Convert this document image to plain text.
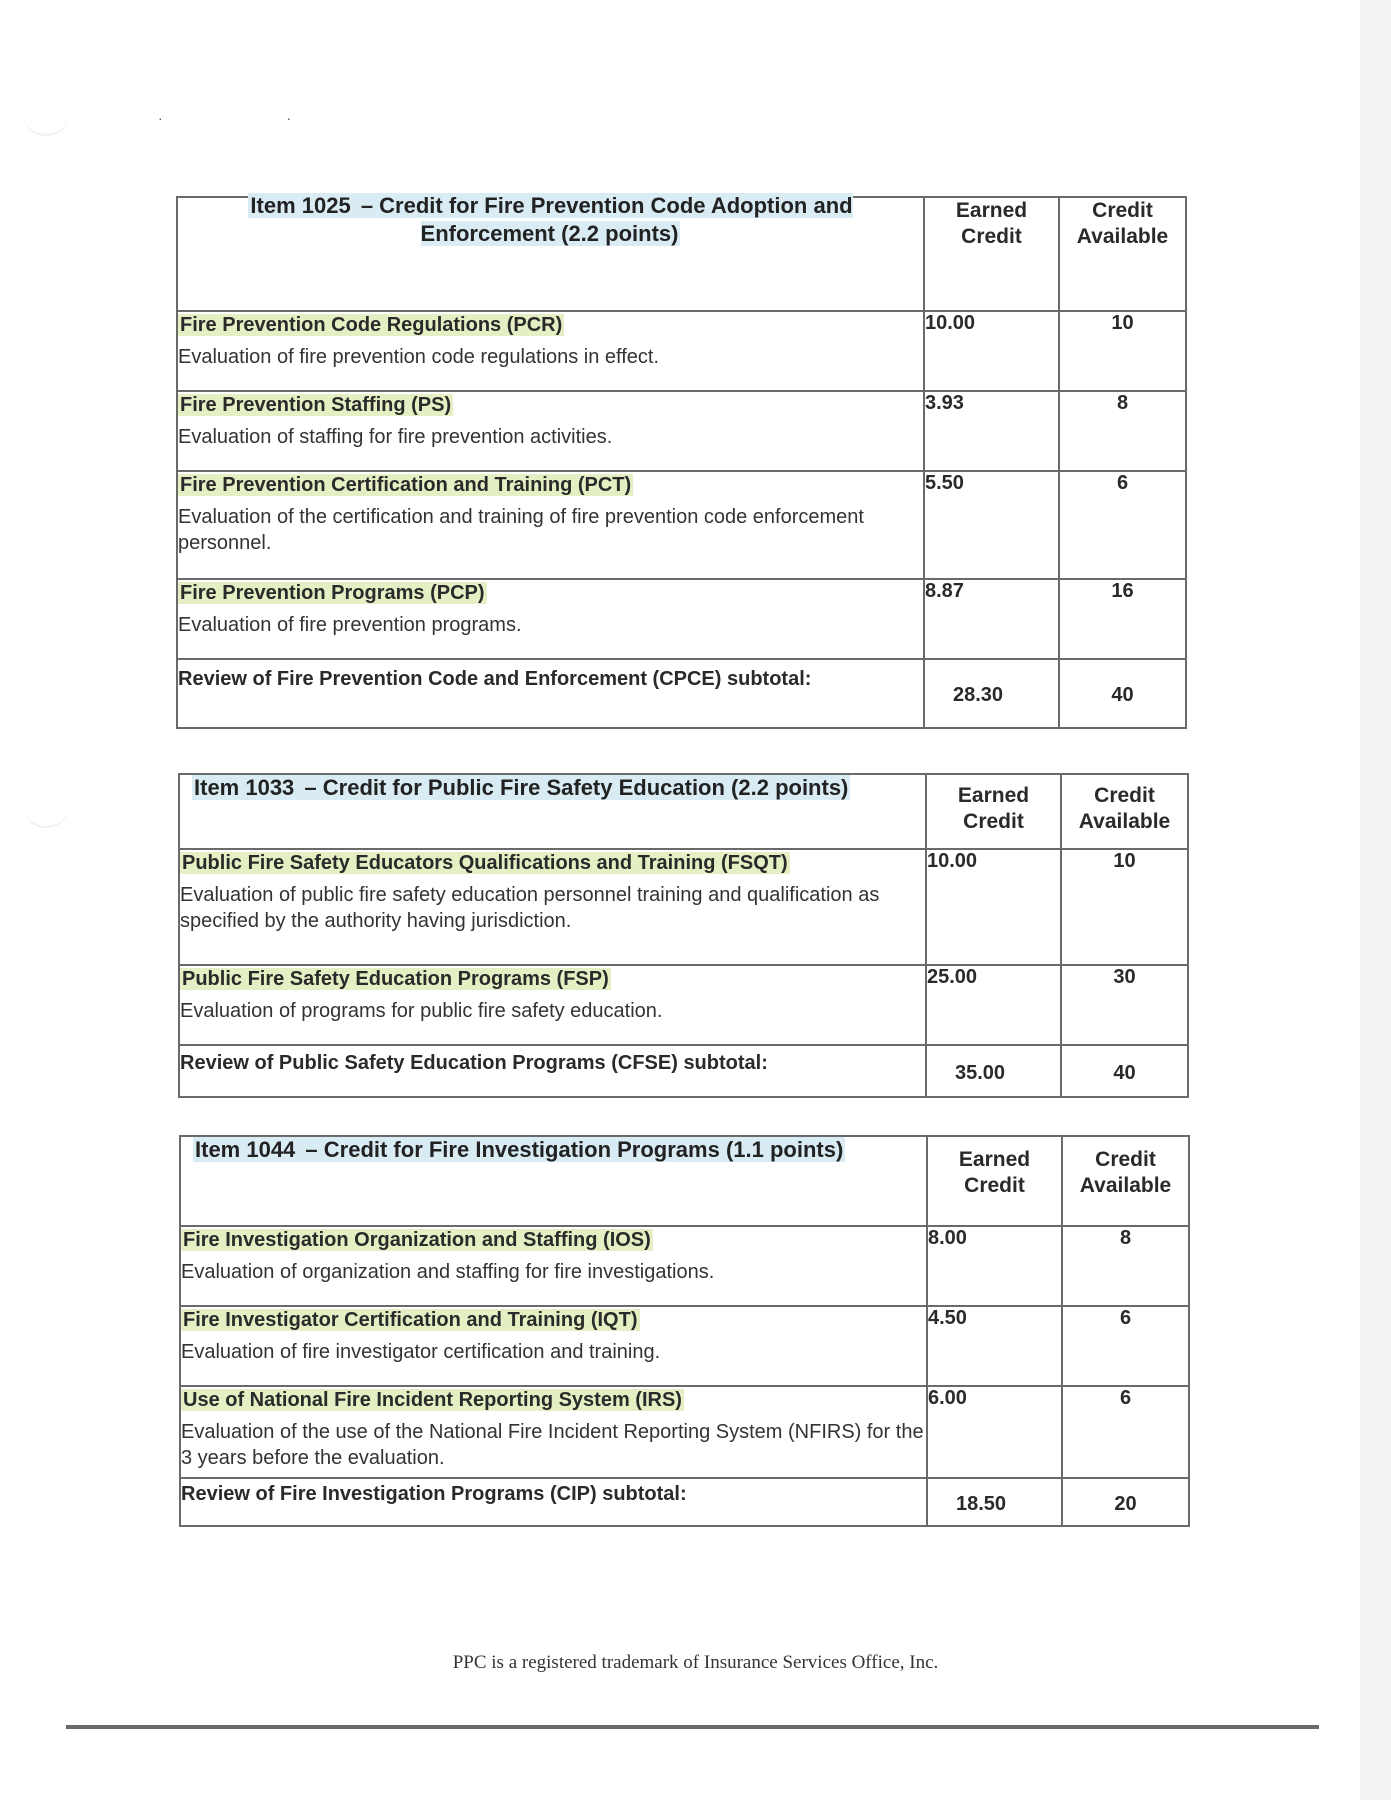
· ·
Item 1025 – Credit for Fire Prevention Code Adoption and Enforcement (2.2 points)	Earned Credit	Credit Available

Fire Prevention Code Regulations (PCR)
Evaluation of fire prevention code regulations in effect.	10.00	10

Fire Prevention Staffing (PS)
Evaluation of staffing for fire prevention activities.	3.93	8

Fire Prevention Certification and Training (PCT)
Evaluation of the certification and training of fire prevention code enforcement personnel.	5.50	6

Fire Prevention Programs (PCP)
Evaluation of fire prevention programs.	8.87	16

Review of Fire Prevention Code and Enforcement (CPCE) subtotal:	28.30	40
Item 1033 – Credit for Public Fire Safety Education (2.2 points)	Earned Credit	Credit Available

Public Fire Safety Educators Qualifications and Training (FSQT)
Evaluation of public fire safety education personnel training and qualification as specified by the authority having jurisdiction.	10.00	10

Public Fire Safety Education Programs (FSP)
Evaluation of programs for public fire safety education.	25.00	30

Review of Public Safety Education Programs (CFSE) subtotal:	35.00	40
Item 1044 – Credit for Fire Investigation Programs (1.1 points)	Earned Credit	Credit Available

Fire Investigation Organization and Staffing (IOS)
Evaluation of organization and staffing for fire investigations.	8.00	8

Fire Investigator Certification and Training (IQT)
Evaluation of fire investigator certification and training.	4.50	6

Use of National Fire Incident Reporting System (IRS)
Evaluation of the use of the National Fire Incident Reporting System (NFIRS) for the 3 years before the evaluation.	6.00	6

Review of Fire Investigation Programs (CIP) subtotal:	18.50	20
PPC is a registered trademark of Insurance Services Office, Inc.
